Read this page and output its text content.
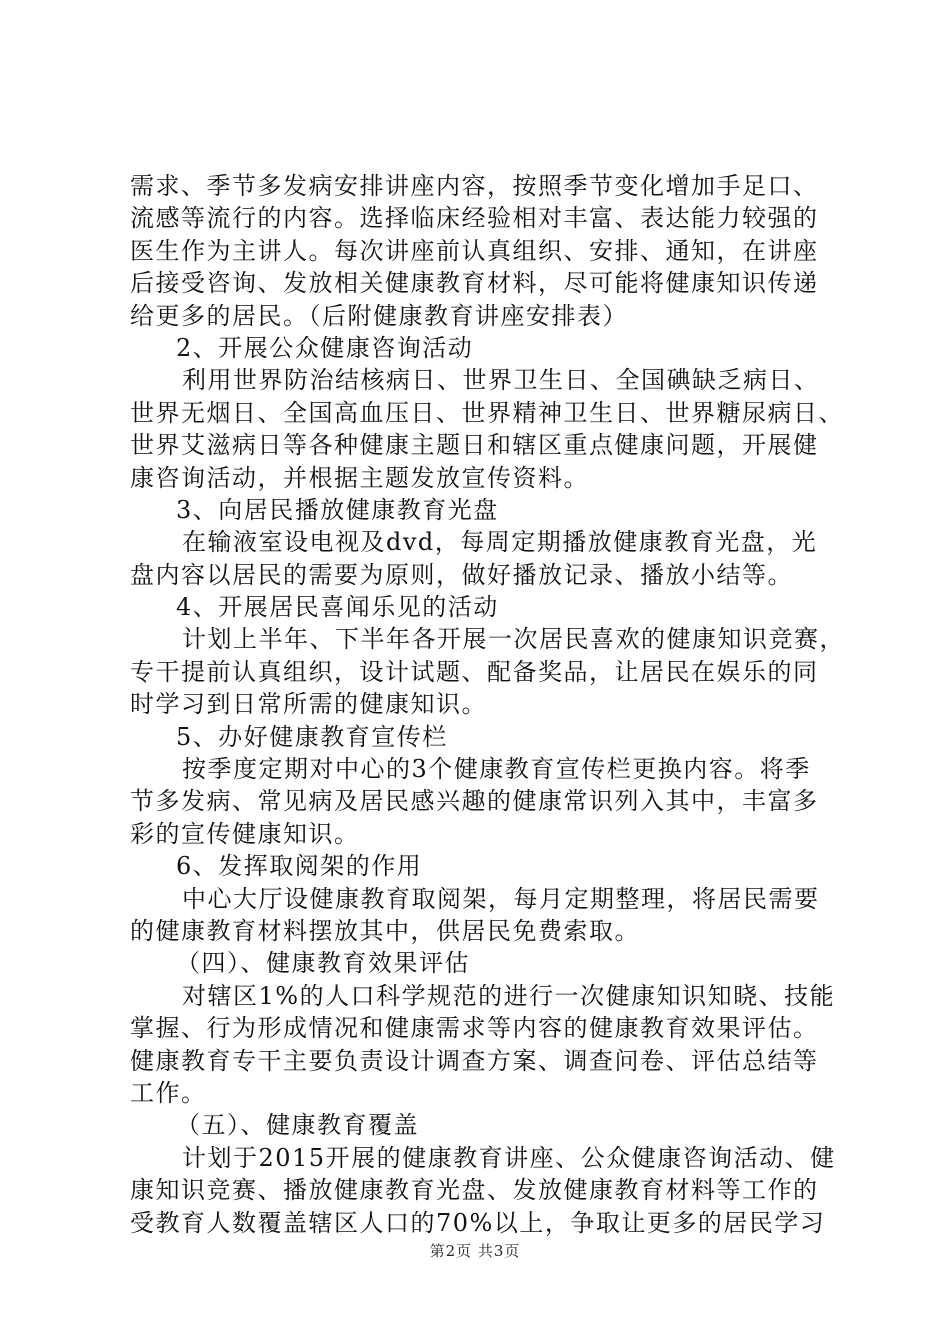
需求、季节多发病安排讲座内容，按照季节变化增加手足口、
流感等流行的内容。选择临床经验相对丰富、表达能力较强的
医生作为主讲人。每次讲座前认真组织、安排、通知，在讲座
后接受咨询、发放相关健康教育材料，尽可能将健康知识传递
给更多的居民。（后附健康教育讲座安排表）
2、开展公众健康咨询活动
利用世界防治结核病日、世界卫生日、全国碘缺乏病日、
世界无烟日、全国高血压日、世界精神卫生日、世界糖尿病日、
世界艾滋病日等各种健康主题日和辖区重点健康问题，开展健
康咨询活动，并根据主题发放宣传资料。
3、向居民播放健康教育光盘
在输液室设电视及dvd，每周定期播放健康教育光盘，光
盘内容以居民的需要为原则，做好播放记录、播放小结等。
4、开展居民喜闻乐见的活动
计划上半年、下半年各开展一次居民喜欢的健康知识竞赛，
专干提前认真组织，设计试题、配备奖品，让居民在娱乐的同
时学习到日常所需的健康知识。
5、办好健康教育宣传栏
按季度定期对中心的3个健康教育宣传栏更换内容。将季
节多发病、常见病及居民感兴趣的健康常识列入其中，丰富多
彩的宣传健康知识。
6、发挥取阅架的作用
中心大厅设健康教育取阅架，每月定期整理，将居民需要
的健康教育材料摆放其中，供居民免费索取。
（四）、健康教育效果评估
对辖区1%的人口科学规范的进行一次健康知识知晓、技能
掌握、行为形成情况和健康需求等内容的健康教育效果评估。
健康教育专干主要负责设计调查方案、调查问卷、评估总结等
工作。
（五）、健康教育覆盖
计划于2015开展的健康教育讲座、公众健康咨询活动、健
康知识竞赛、播放健康教育光盘、发放健康教育材料等工作的
受教育人数覆盖辖区人口的70%以上，争取让更多的居民学习
第2页 共3页
